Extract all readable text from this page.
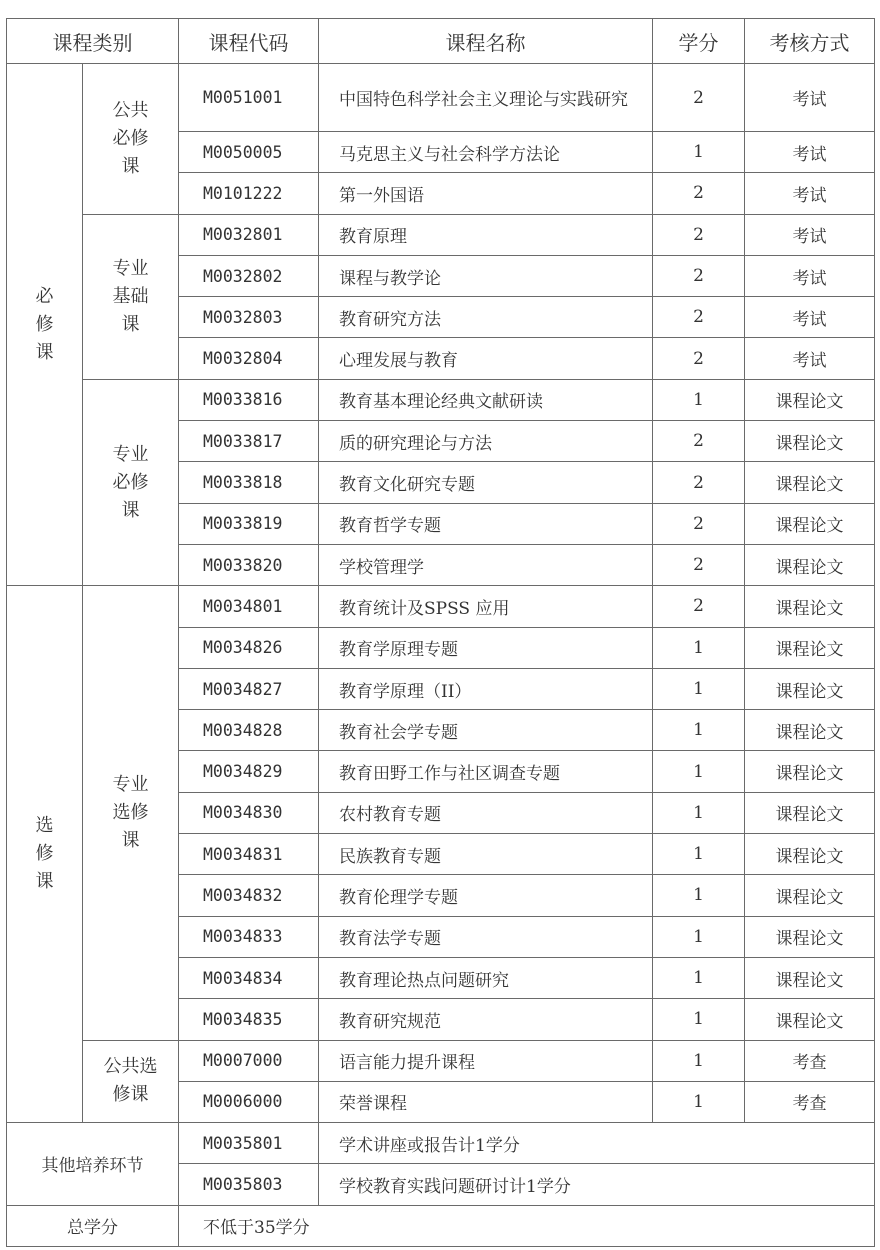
课程类别		课程代码	课程名称	学分	考核方式
必修课	公共必修课	M0051001	中国特色科学社会主义理论与实践研究	2	考试
		M0050005	马克思主义与社会科学方法论	1	考试
		M0101222	第一外国语	2	考试
	专业基础课	M0032801	教育原理	2	考试
		M0032802	课程与教学论	2	考试
		M0032803	教育研究方法	2	考试
		M0032804	心理发展与教育	2	考试
	专业必修课	M0033816	教育基本理论经典文献研读	1	课程论文
		M0033817	质的研究理论与方法	2	课程论文
		M0033818	教育文化研究专题	2	课程论文
		M0033819	教育哲学专题	2	课程论文
		M0033820	学校管理学	2	课程论文
选修课	专业选修课	M0034801	教育统计及SPSS 应用	2	课程论文
		M0034826	教育学原理专题	1	课程论文
		M0034827	教育学原理（II）	1	课程论文
		M0034828	教育社会学专题	1	课程论文
		M0034829	教育田野工作与社区调查专题	1	课程论文
		M0034830	农村教育专题	1	课程论文
		M0034831	民族教育专题	1	课程论文
		M0034832	教育伦理学专题	1	课程论文
		M0034833	教育法学专题	1	课程论文
		M0034834	教育理论热点问题研究	1	课程论文
		M0034835	教育研究规范	1	课程论文
	公共选修课	M0007000	语言能力提升课程	1	考查
		M0006000	荣誉课程	1	考查
其他培养环节		M0035801	学术讲座或报告计1学分		
		M0035803	学校教育实践问题研讨计1学分		
总学分		不低于35学分			
